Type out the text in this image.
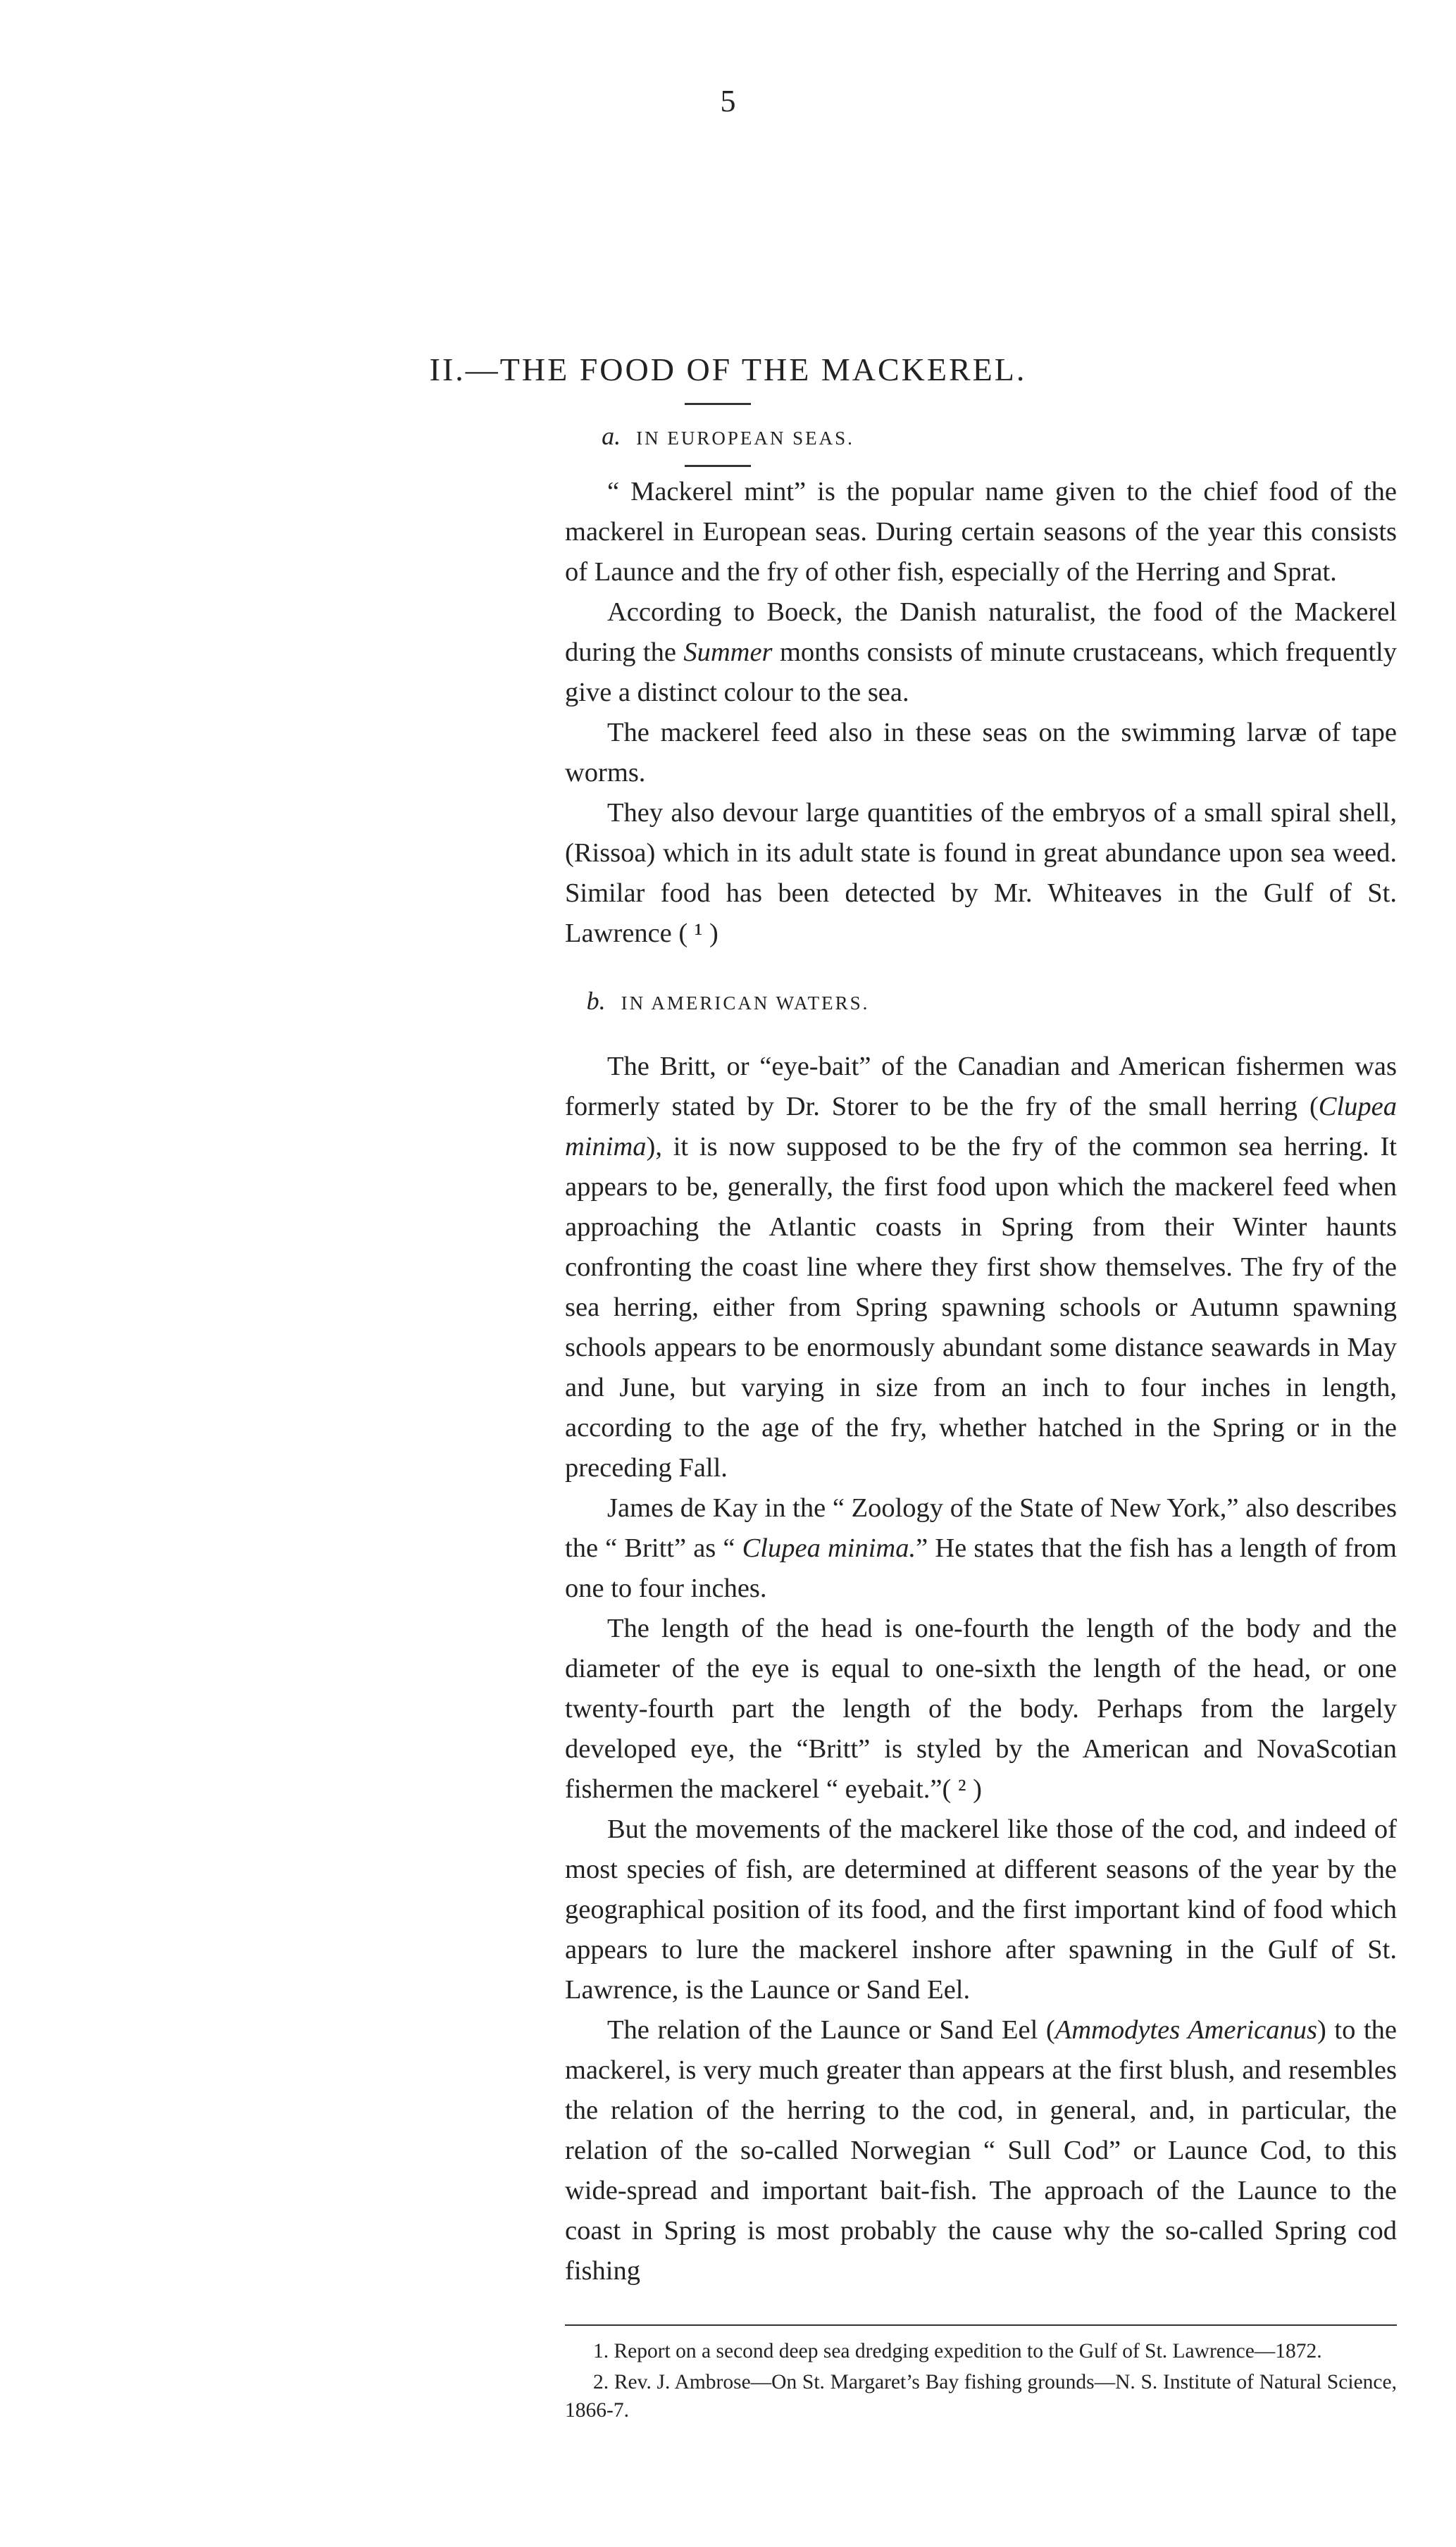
5
II.—THE FOOD OF THE MACKEREL.
a. IN EUROPEAN SEAS.

“ Mackerel mint” is the popular name given to the chief food of the mackerel in European seas. During certain seasons of the year this consists of Launce and the fry of other fish, especially of the Herring and Sprat.

According to Boeck, the Danish naturalist, the food of the Mackerel during the Summer months consists of minute crustaceans, which frequently give a distinct colour to the sea.

The mackerel feed also in these seas on the swimming larvæ of tape worms.

They also devour large quantities of the embryos of a small spiral shell, (Rissoa) which in its adult state is found in great abundance upon sea weed. Similar food has been detected by Mr. Whiteaves in the Gulf of St. Lawrence ( ¹ )

b. IN AMERICAN WATERS.

The Britt, or “eye-bait” of the Canadian and American fishermen was formerly stated by Dr. Storer to be the fry of the small herring (Clupea minima), it is now supposed to be the fry of the common sea herring. It appears to be, generally, the first food upon which the mackerel feed when approaching the Atlantic coasts in Spring from their Winter haunts confronting the coast line where they first show themselves. The fry of the sea herring, either from Spring spawning schools or Autumn spawning schools appears to be enormously abundant some distance seawards in May and June, but varying in size from an inch to four inches in length, according to the age of the fry, whether hatched in the Spring or in the preceding Fall.

James de Kay in the “ Zoology of the State of New York,” also describes the “ Britt” as “ Clupea minima.” He states that the fish has a length of from one to four inches.

The length of the head is one-fourth the length of the body and the diameter of the eye is equal to one-sixth the length of the head, or one twenty-fourth part the length of the body. Perhaps from the largely developed eye, the “Britt” is styled by the American and NovaScotian fishermen the mackerel “ eyebait.”( ² )

But the movements of the mackerel like those of the cod, and indeed of most species of fish, are determined at different seasons of the year by the geographical position of its food, and the first important kind of food which appears to lure the mackerel inshore after spawning in the Gulf of St. Lawrence, is the Launce or Sand Eel.

The relation of the Launce or Sand Eel (Ammodytes Americanus) to the mackerel, is very much greater than appears at the first blush, and resembles the relation of the herring to the cod, in general, and, in particular, the relation of the so-called Norwegian “ Sull Cod” or Launce Cod, to this wide-spread and important bait-fish. The approach of the Launce to the coast in Spring is most probably the cause why the so-called Spring cod fishing

1. Report on a second deep sea dredging expedition to the Gulf of St. Lawrence—1872.

2. Rev. J. Ambrose—On St. Margaret’s Bay fishing grounds—N. S. Institute of Natural Science, 1866-7.
